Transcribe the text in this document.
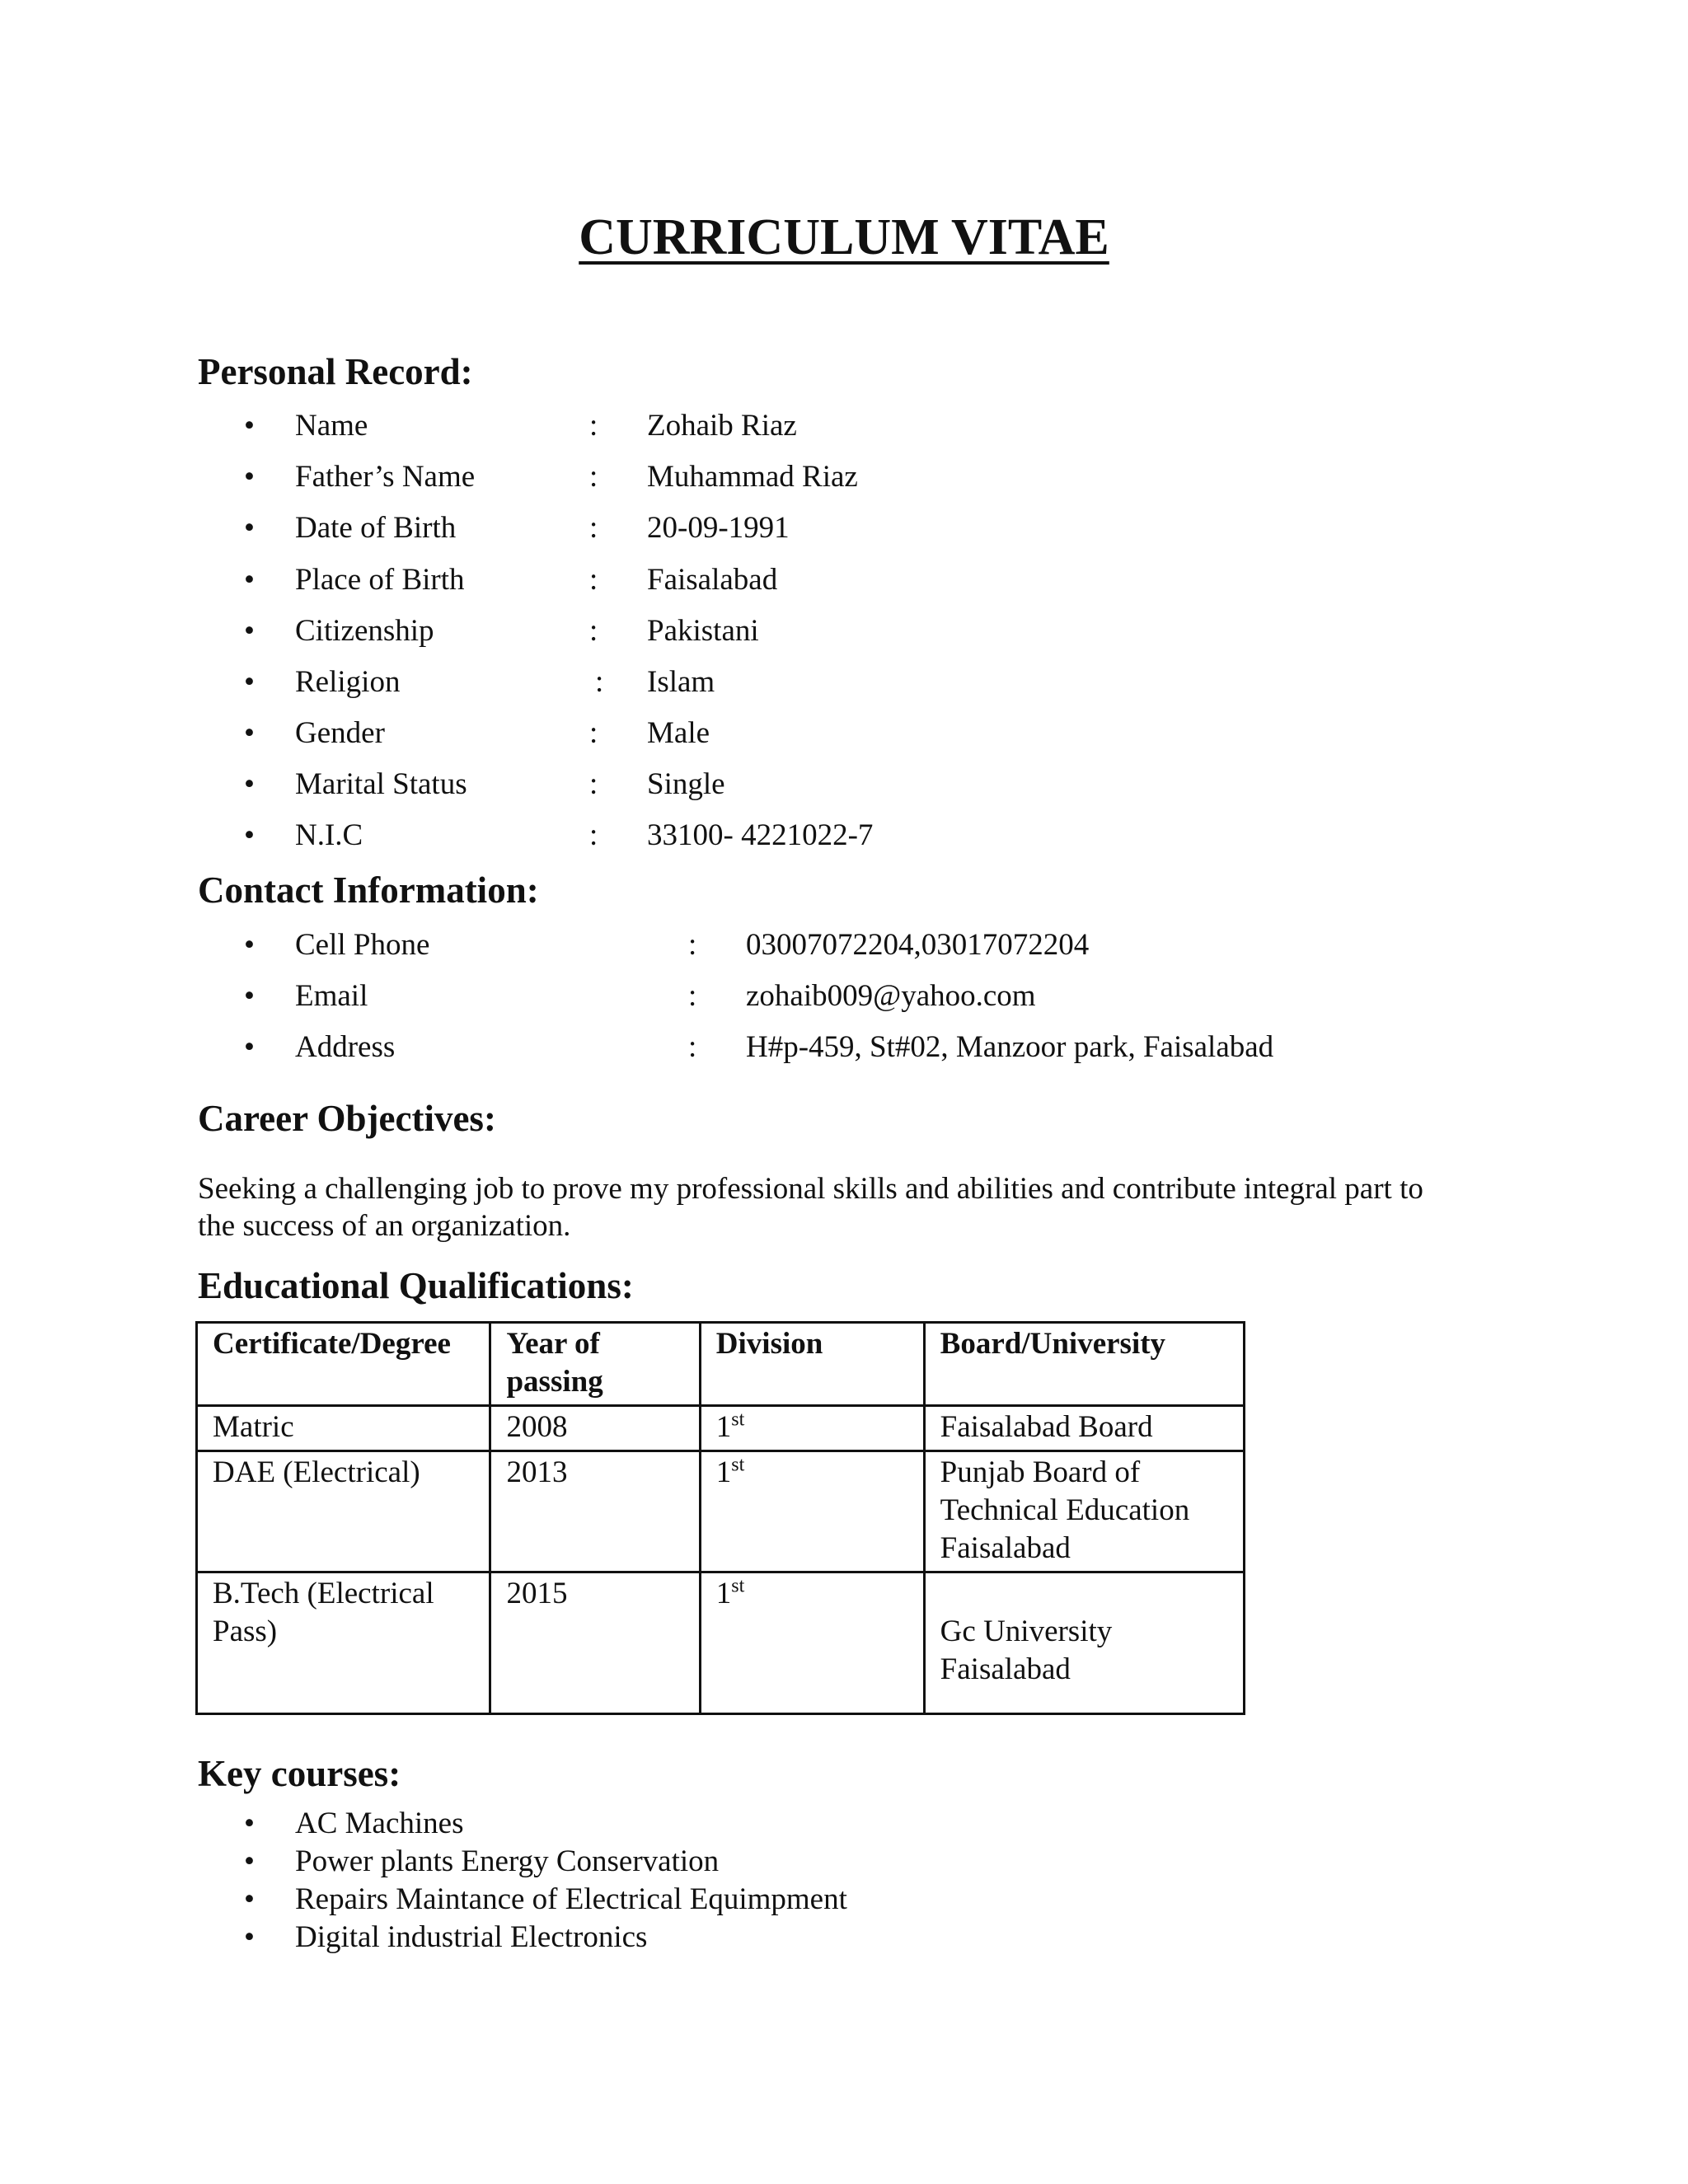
CURRICULUM VITAE
Personal Record:
• Name	: Zohaib Riaz
• Father’s Name	: Muhammad Riaz
• Date of Birth	: 20-09-1991
• Place of Birth	: Faisalabad
• Citizenship	: Pakistani
• Religion	: Islam
• Gender	: Male
• Marital Status	: Single
• N.I.C	: 33100- 4221022-7
Contact Information:
• Cell Phone	: 03007072204,03017072204
• Email	: zohaib009@yahoo.com
• Address	: H#p-459, St#02, Manzoor park, Faisalabad
Career Objectives:
Seeking a challenging job to prove my professional skills and abilities and contribute integral part to the success of an organization.
Educational Qualifications:
Certificate/Degree	Year of passing	Division	Board/University
Matric	2008	1st	Faisalabad Board
DAE (Electrical)	2013	1st	Punjab Board of Technical Education Faisalabad
B.Tech (Electrical Pass)	2015	1st	Gc University Faisalabad
Key courses:
• AC Machines
• Power plants Energy Conservation
• Repairs Maintance of Electrical Equimpment
• Digital industrial Electronics
